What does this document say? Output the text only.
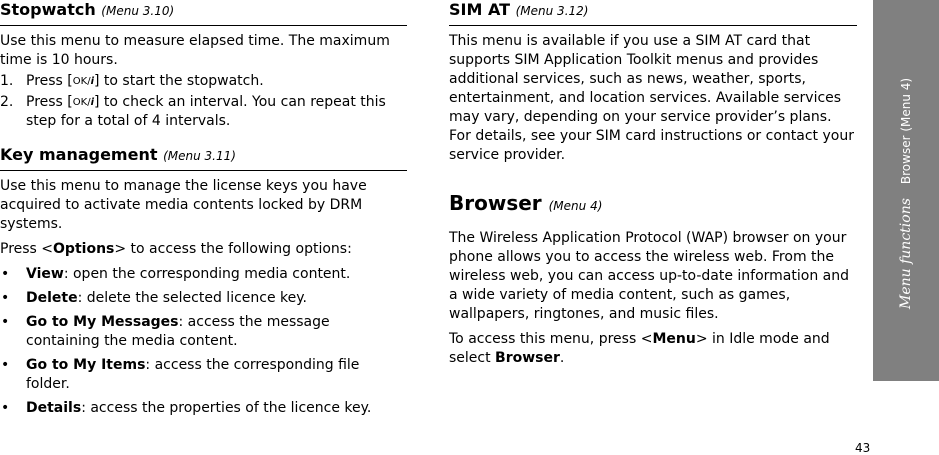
Stopwatch (Menu 3.10)

Use this menu to measure elapsed time. The maximum time is 10 hours.

1. Press [OK/i] to start the stopwatch.
2. Press [OK/i] to check an interval. You can repeat this step for a total of 4 intervals.
Key management (Menu 3.11)

Use this menu to manage the license keys you have acquired to activate media contents locked by DRM systems.

Press <Options> to access the following options:

• View: open the corresponding media content.
• Delete: delete the selected licence key.
• Go to My Messages: access the message containing the media content.
• Go to My Items: access the corresponding file folder.
• Details: access the properties of the licence key.
SIM AT (Menu 3.12)

This menu is available if you use a SIM AT card that supports SIM Application Toolkit menus and provides additional services, such as news, weather, sports, entertainment, and location services. Available services may vary, depending on your service provider’s plans. For details, see your SIM card instructions or contact your service provider.

Browser (Menu 4)

The Wireless Application Protocol (WAP) browser on your phone allows you to access the wireless web. From the wireless web, you can access up-to-date information and a wide variety of media content, such as games, wallpapers, ringtones, and music files.

To access this menu, press <Menu> in Idle mode and select Browser.

Menu functions
Browser (Menu 4)
43
